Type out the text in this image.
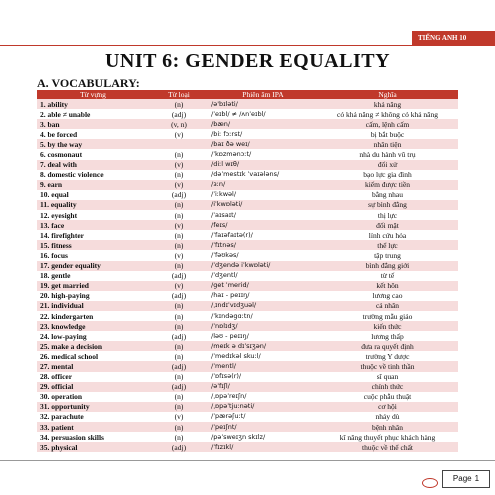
TIẾNG ANH 10
UNIT 6: GENDER EQUALITY
A. VOCABULARY:
Từ vựng	Từ loại	Phiên âm IPA	Nghĩa
1. ability	(n)	/ə'bɪləti/	khả năng
2. able ≠ unable	(adj)	/ˈeɪbl/ ≠ /ʌnˈeɪbl/	có khả năng ≠ không có khả năng
3. ban	(v, n)	/bæn/	cấm, lệnh cấm
4. be forced	(v)	/biː fɔːrst/	bị bắt buộc
5. by the way		/baɪ ðə weɪ/	nhân tiện
6. cosmonaut	(n)	/ˈkɒzmənɔːt/	nhà du hành vũ trụ
7. deal with	(v)	/diːl wɪθ/	đối xử
8. domestic violence	(n)	/dəˈmestɪk ˈvaɪələns/	bạo lực gia đình
9. earn	(v)	/ɜːn/	kiếm được tiền
10. equal	(adj)	/ˈiːkwəl/	bằng nhau
11. equality	(n)	/iˈkwɒləti/	sự bình đẳng
12. eyesight	(n)	/ˈaɪsaɪt/	thị lực
13. face	(v)	/feɪs/	đối mặt
14. firefighter	(n)	/ˈfaɪəfaɪtə(r)/	lính cứu hỏa
15. fitness	(n)	/ˈfɪtnəs/	thể lực
16. focus	(v)	/ˈfəʊkəs/	tập trung
17. gender equality	(n)	/ˈdʒendə iˈkwɒləti/	bình đẳng giới
18. gentle	(adj)	/ˈdʒentl/	từ tế
19. get married	(v)	/get ˈmerid/	kết hôn
20. high-paying	(adj)	/haɪ - peɪɪŋ/	lương cao
21. individual	(n)	/ˌɪndɪˈvɪdʒuəl/	cá nhân
22. kindergarten	(n)	/ˈkɪndəgɑːtn/	trường mẫu giáo
23. knowledge	(n)	/ˈnɒlɪdʒ/	kiến thức
24. low-paying	(adj)	/ləʊ - peɪɪŋ/	lương thấp
25. make a decision	(n)	/meɪk ə dɪˈsɪʒən/	đưa ra quyết định
26. medical school	(n)	/ˈmedɪkəl skuːl/	trường Y dược
27. mental	(adj)	/ˈmentl/	thuộc về tinh thần
28. officer	(n)	/ˈɒfɪsə(r)/	sĩ quan
29. official	(adj)	/əˈfɪʃl/	chính thức
30. operation	(n)	/ˌɒpəˈreɪʃn/	cuộc phẫu thuật
31. opportunity	(n)	/ˌɒpəˈtjuːnəti/	cơ hội
32. parachute	(v)	/ˈpærəʃuːt/	nhảy dù
33. patient	(n)	/ˈpeɪʃnt/	bệnh nhân
34. persuasion skills	(n)	/pəˈsweɪʒn skɪlz/	kĩ năng thuyết phục khách hàng
35. physical	(adj)	/ˈfɪzɪkl/	thuộc về thể chất
Page 1
